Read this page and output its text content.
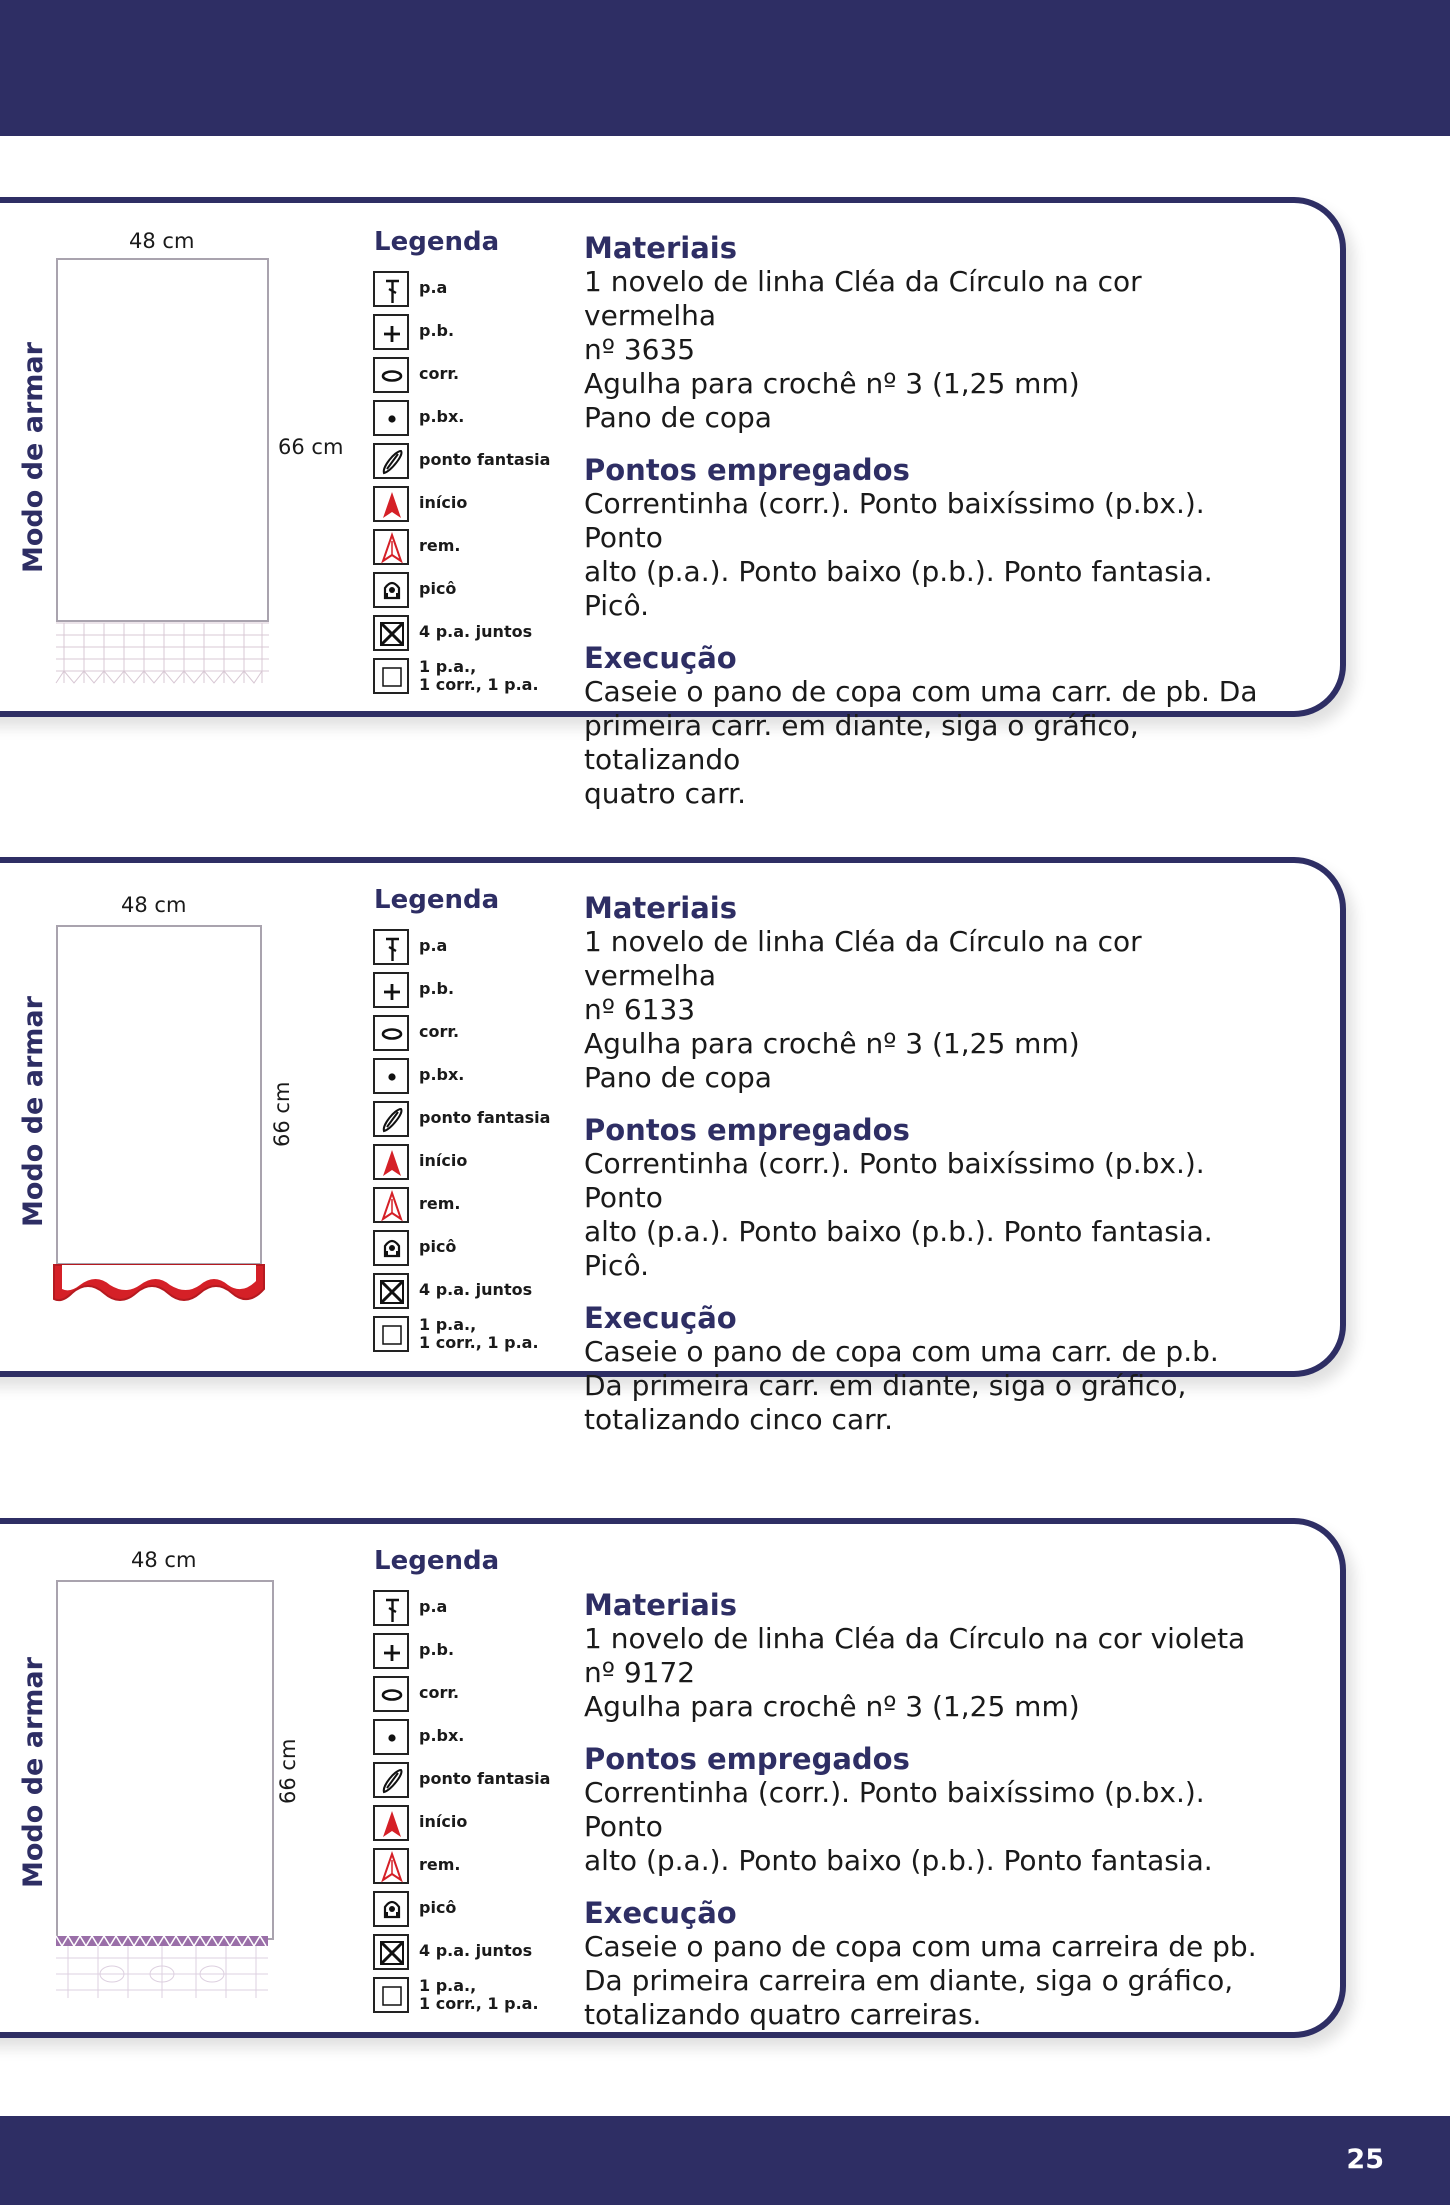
Modo de armar
48 cm
66 cm
Legenda
p.a
p.b.
corr.
p.bx.
ponto fantasia
início
rem.
picô
4 p.a. juntos
1 p.a.,
1 corr., 1 p.a.
Materiais

1 novelo de linha Cléa da Círculo na cor vermelha
nº 3635
Agulha para crochê nº 3 (1,25 mm)
Pano de copa

Pontos empregados

Correntinha (corr.). Ponto baixíssimo (p.bx.). Ponto
alto (p.a.). Ponto baixo (p.b.). Ponto fantasia. Picô.

Execução

Caseie o pano de copa com uma carr. de pb. Da
primeira carr. em diante, siga o gráfico, totalizando
quatro carr.

Modo de armar
48 cm
66 cm
Legenda
p.a
p.b.
corr.
p.bx.
ponto fantasia
início
rem.
picô
4 p.a. juntos
1 p.a.,
1 corr., 1 p.a.
Materiais

1 novelo de linha Cléa da Círculo na cor vermelha
nº 6133
Agulha para crochê nº 3 (1,25 mm)
Pano de copa

Pontos empregados

Correntinha (corr.). Ponto baixíssimo (p.bx.). Ponto
alto (p.a.). Ponto baixo (p.b.). Ponto fantasia. Picô.

Execução

Caseie o pano de copa com uma carr. de p.b.
Da primeira carr. em diante, siga o gráfico,
totalizando cinco carr.

Modo de armar
48 cm
66 cm
Legenda
p.a
p.b.
corr.
p.bx.
ponto fantasia
início
rem.
picô
4 p.a. juntos
1 p.a.,
1 corr., 1 p.a.
Materiais

1 novelo de linha Cléa da Círculo na cor violeta
nº 9172
Agulha para crochê nº 3 (1,25 mm)

Pontos empregados

Correntinha (corr.). Ponto baixíssimo (p.bx.). Ponto
alto (p.a.). Ponto baixo (p.b.). Ponto fantasia.

Execução

Caseie o pano de copa com uma carreira de pb.
Da primeira carreira em diante, siga o gráfico,
totalizando quatro carreiras.

25
